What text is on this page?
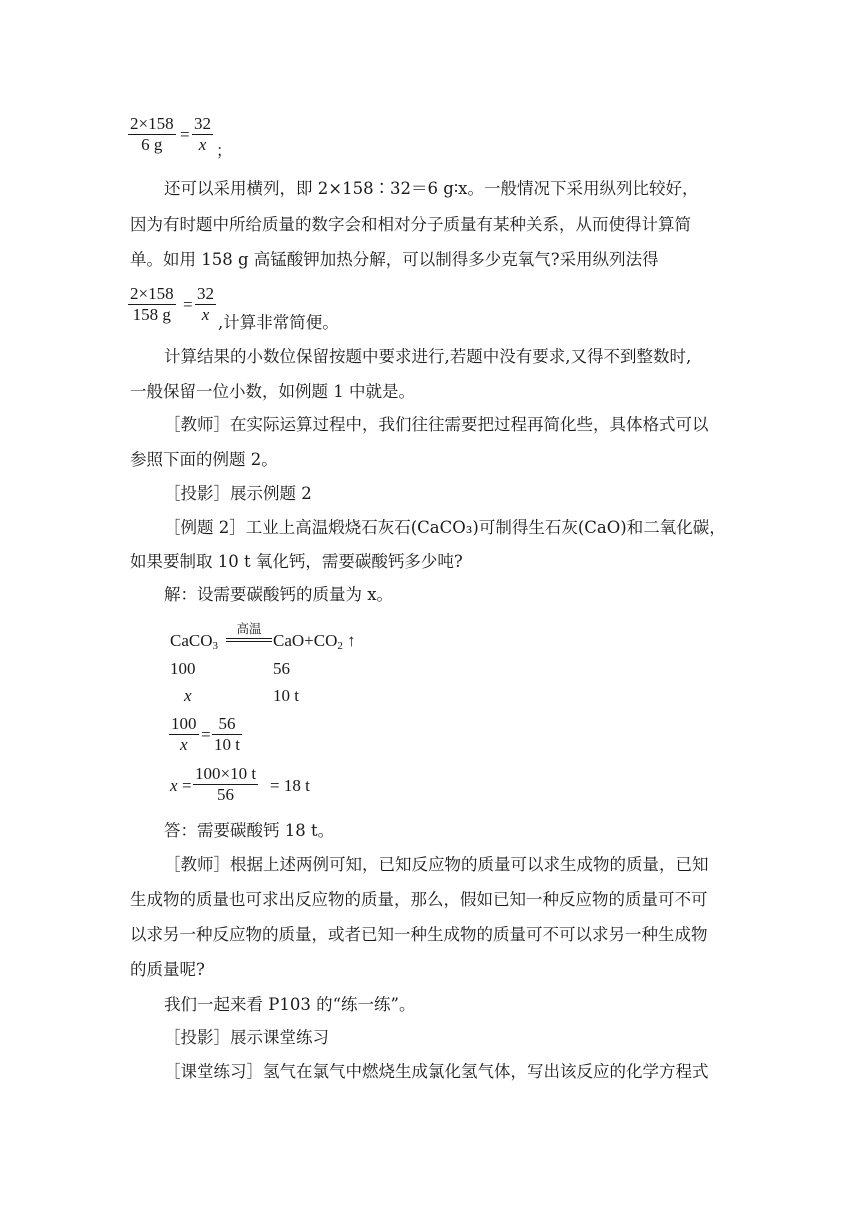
2×158
6 g
=
32
x ；
还可以采用横列，即 2×158∶32＝6 g∶x。一般情况下采用纵列比较好，
因为有时题中所给质量的数字会和相对分子质量有某种关系，从而使得计算简
单。如用 158 g 高锰酸钾加热分解，可以制得多少克氧气?采用纵列法得
2×158
158 g
=
32
x ,计算非常简便。
计算结果的小数位保留按题中要求进行,若题中没有要求,又得不到整数时,
一般保留一位小数，如例题 1 中就是。
［教师］在实际运算过程中，我们往往需要把过程再简化些，具体格式可以
参照下面的例题 2。
［投影］展示例题 2
［例题 2］工业上高温煅烧石灰石(CaCO₃)可制得生石灰(CaO)和二氧化碳，
如果要制取 10 t 氧化钙，需要碳酸钙多少吨?
解：设需要碳酸钙的质量为 x。
CaCO$_3$
高温
$CaO+CO_2$ ↑
100	56
x	10 t
100
x
=
56
10 t
x =
100×10 t
56 = 18 t
答：需要碳酸钙 18 t。
［教师］根据上述两例可知，已知反应物的质量可以求生成物的质量，已知
生成物的质量也可求出反应物的质量，那么，假如已知一种反应物的质量可不可
以求另一种反应物的质量，或者已知一种生成物的质量可不可以求另一种生成物
的质量呢?
我们一起来看 P103 的“练一练”。
［投影］展示课堂练习
［课堂练习］氢气在氯气中燃烧生成氯化氢气体，写出该反应的化学方程式
